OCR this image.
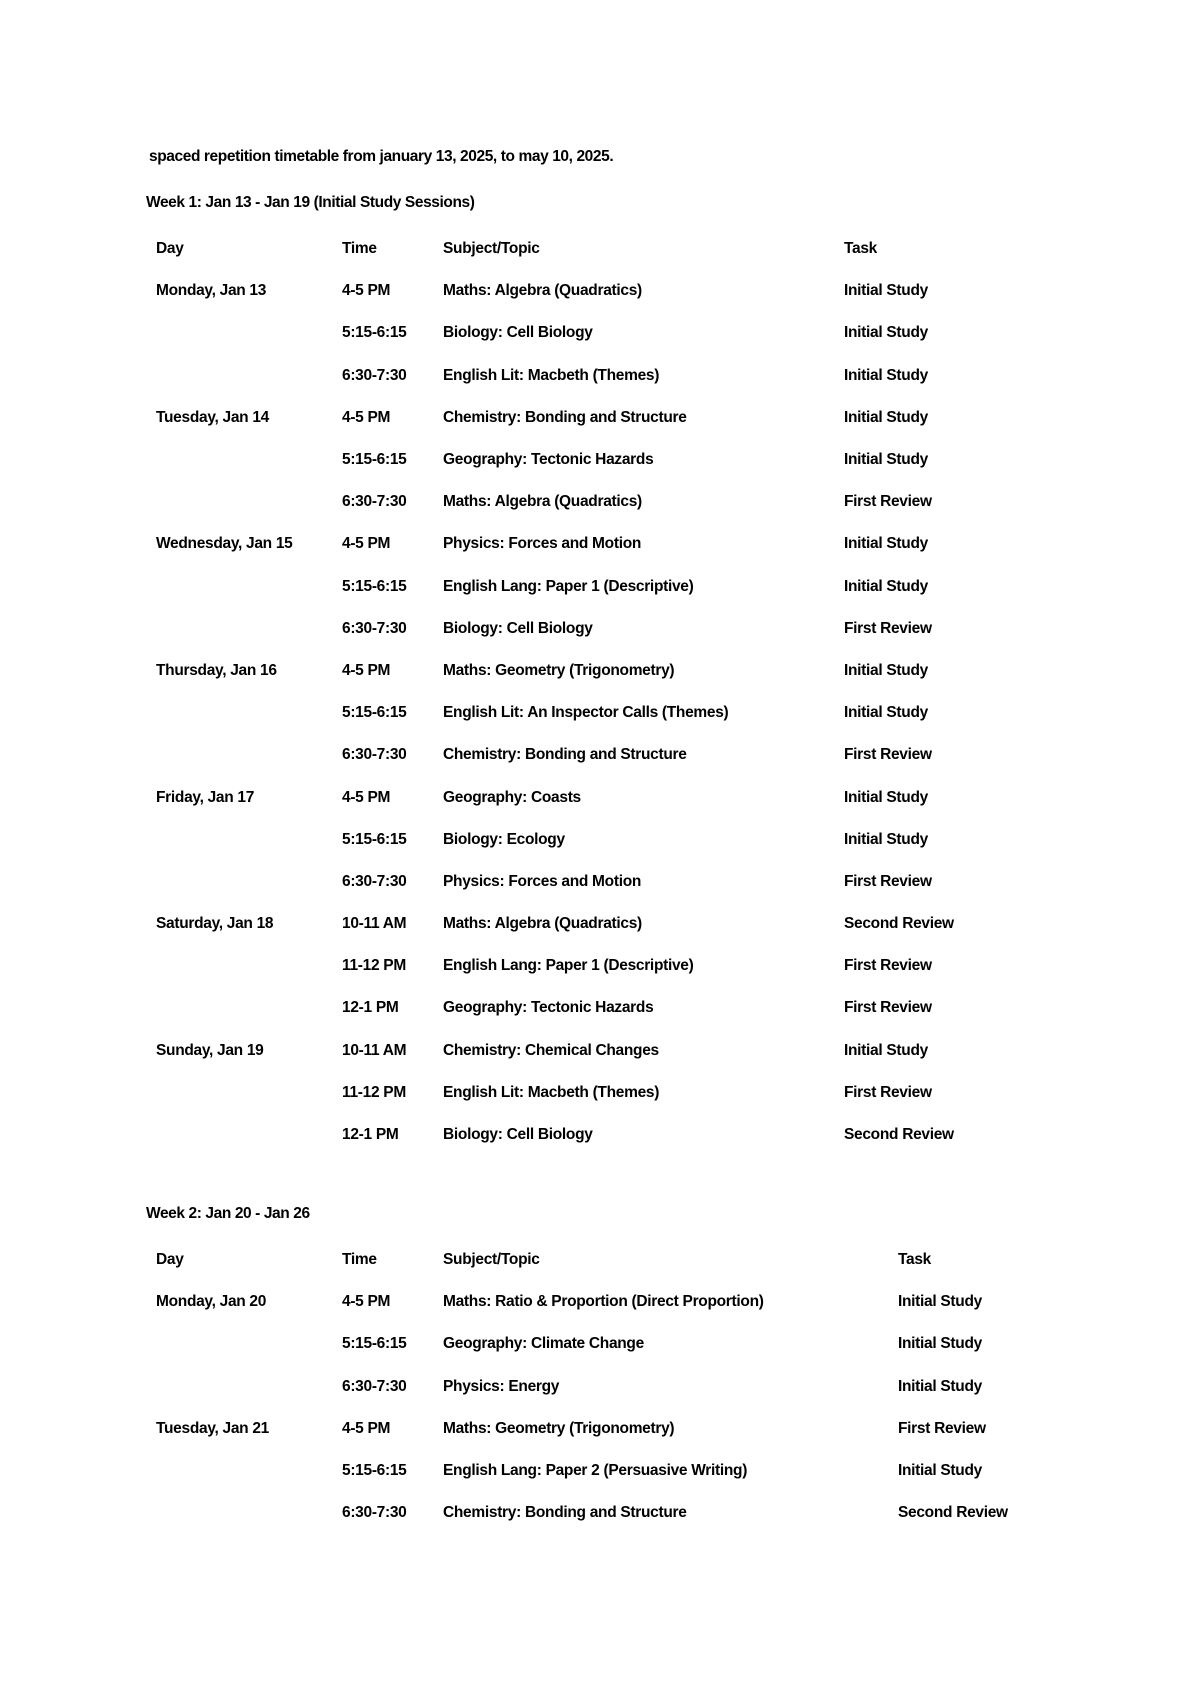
spaced repetition timetable from january 13, 2025, to may 10, 2025.
Week 1: Jan 13 - Jan 19 (Initial Study Sessions)
Day	Time	Subject/Topic	Task
Monday, Jan 13	4-5 PM	Maths: Algebra (Quadratics)	Initial Study
	5:15-6:15	Biology: Cell Biology	Initial Study
	6:30-7:30	English Lit: Macbeth (Themes)	Initial Study
Tuesday, Jan 14	4-5 PM	Chemistry: Bonding and Structure	Initial Study
	5:15-6:15	Geography: Tectonic Hazards	Initial Study
	6:30-7:30	Maths: Algebra (Quadratics)	First Review
Wednesday, Jan 15	4-5 PM	Physics: Forces and Motion	Initial Study
	5:15-6:15	English Lang: Paper 1 (Descriptive)	Initial Study
	6:30-7:30	Biology: Cell Biology	First Review
Thursday, Jan 16	4-5 PM	Maths: Geometry (Trigonometry)	Initial Study
	5:15-6:15	English Lit: An Inspector Calls (Themes)	Initial Study
	6:30-7:30	Chemistry: Bonding and Structure	First Review
Friday, Jan 17	4-5 PM	Geography: Coasts	Initial Study
	5:15-6:15	Biology: Ecology	Initial Study
	6:30-7:30	Physics: Forces and Motion	First Review
Saturday, Jan 18	10-11 AM	Maths: Algebra (Quadratics)	Second Review
	11-12 PM	English Lang: Paper 1 (Descriptive)	First Review
	12-1 PM	Geography: Tectonic Hazards	First Review
Sunday, Jan 19	10-11 AM	Chemistry: Chemical Changes	Initial Study
	11-12 PM	English Lit: Macbeth (Themes)	First Review
	12-1 PM	Biology: Cell Biology	Second Review
Week 2: Jan 20 - Jan 26
Day	Time	Subject/Topic	Task
Monday, Jan 20	4-5 PM	Maths: Ratio & Proportion (Direct Proportion)	Initial Study
	5:15-6:15	Geography: Climate Change	Initial Study
	6:30-7:30	Physics: Energy	Initial Study
Tuesday, Jan 21	4-5 PM	Maths: Geometry (Trigonometry)	First Review
	5:15-6:15	English Lang: Paper 2 (Persuasive Writing)	Initial Study
	6:30-7:30	Chemistry: Bonding and Structure	Second Review
